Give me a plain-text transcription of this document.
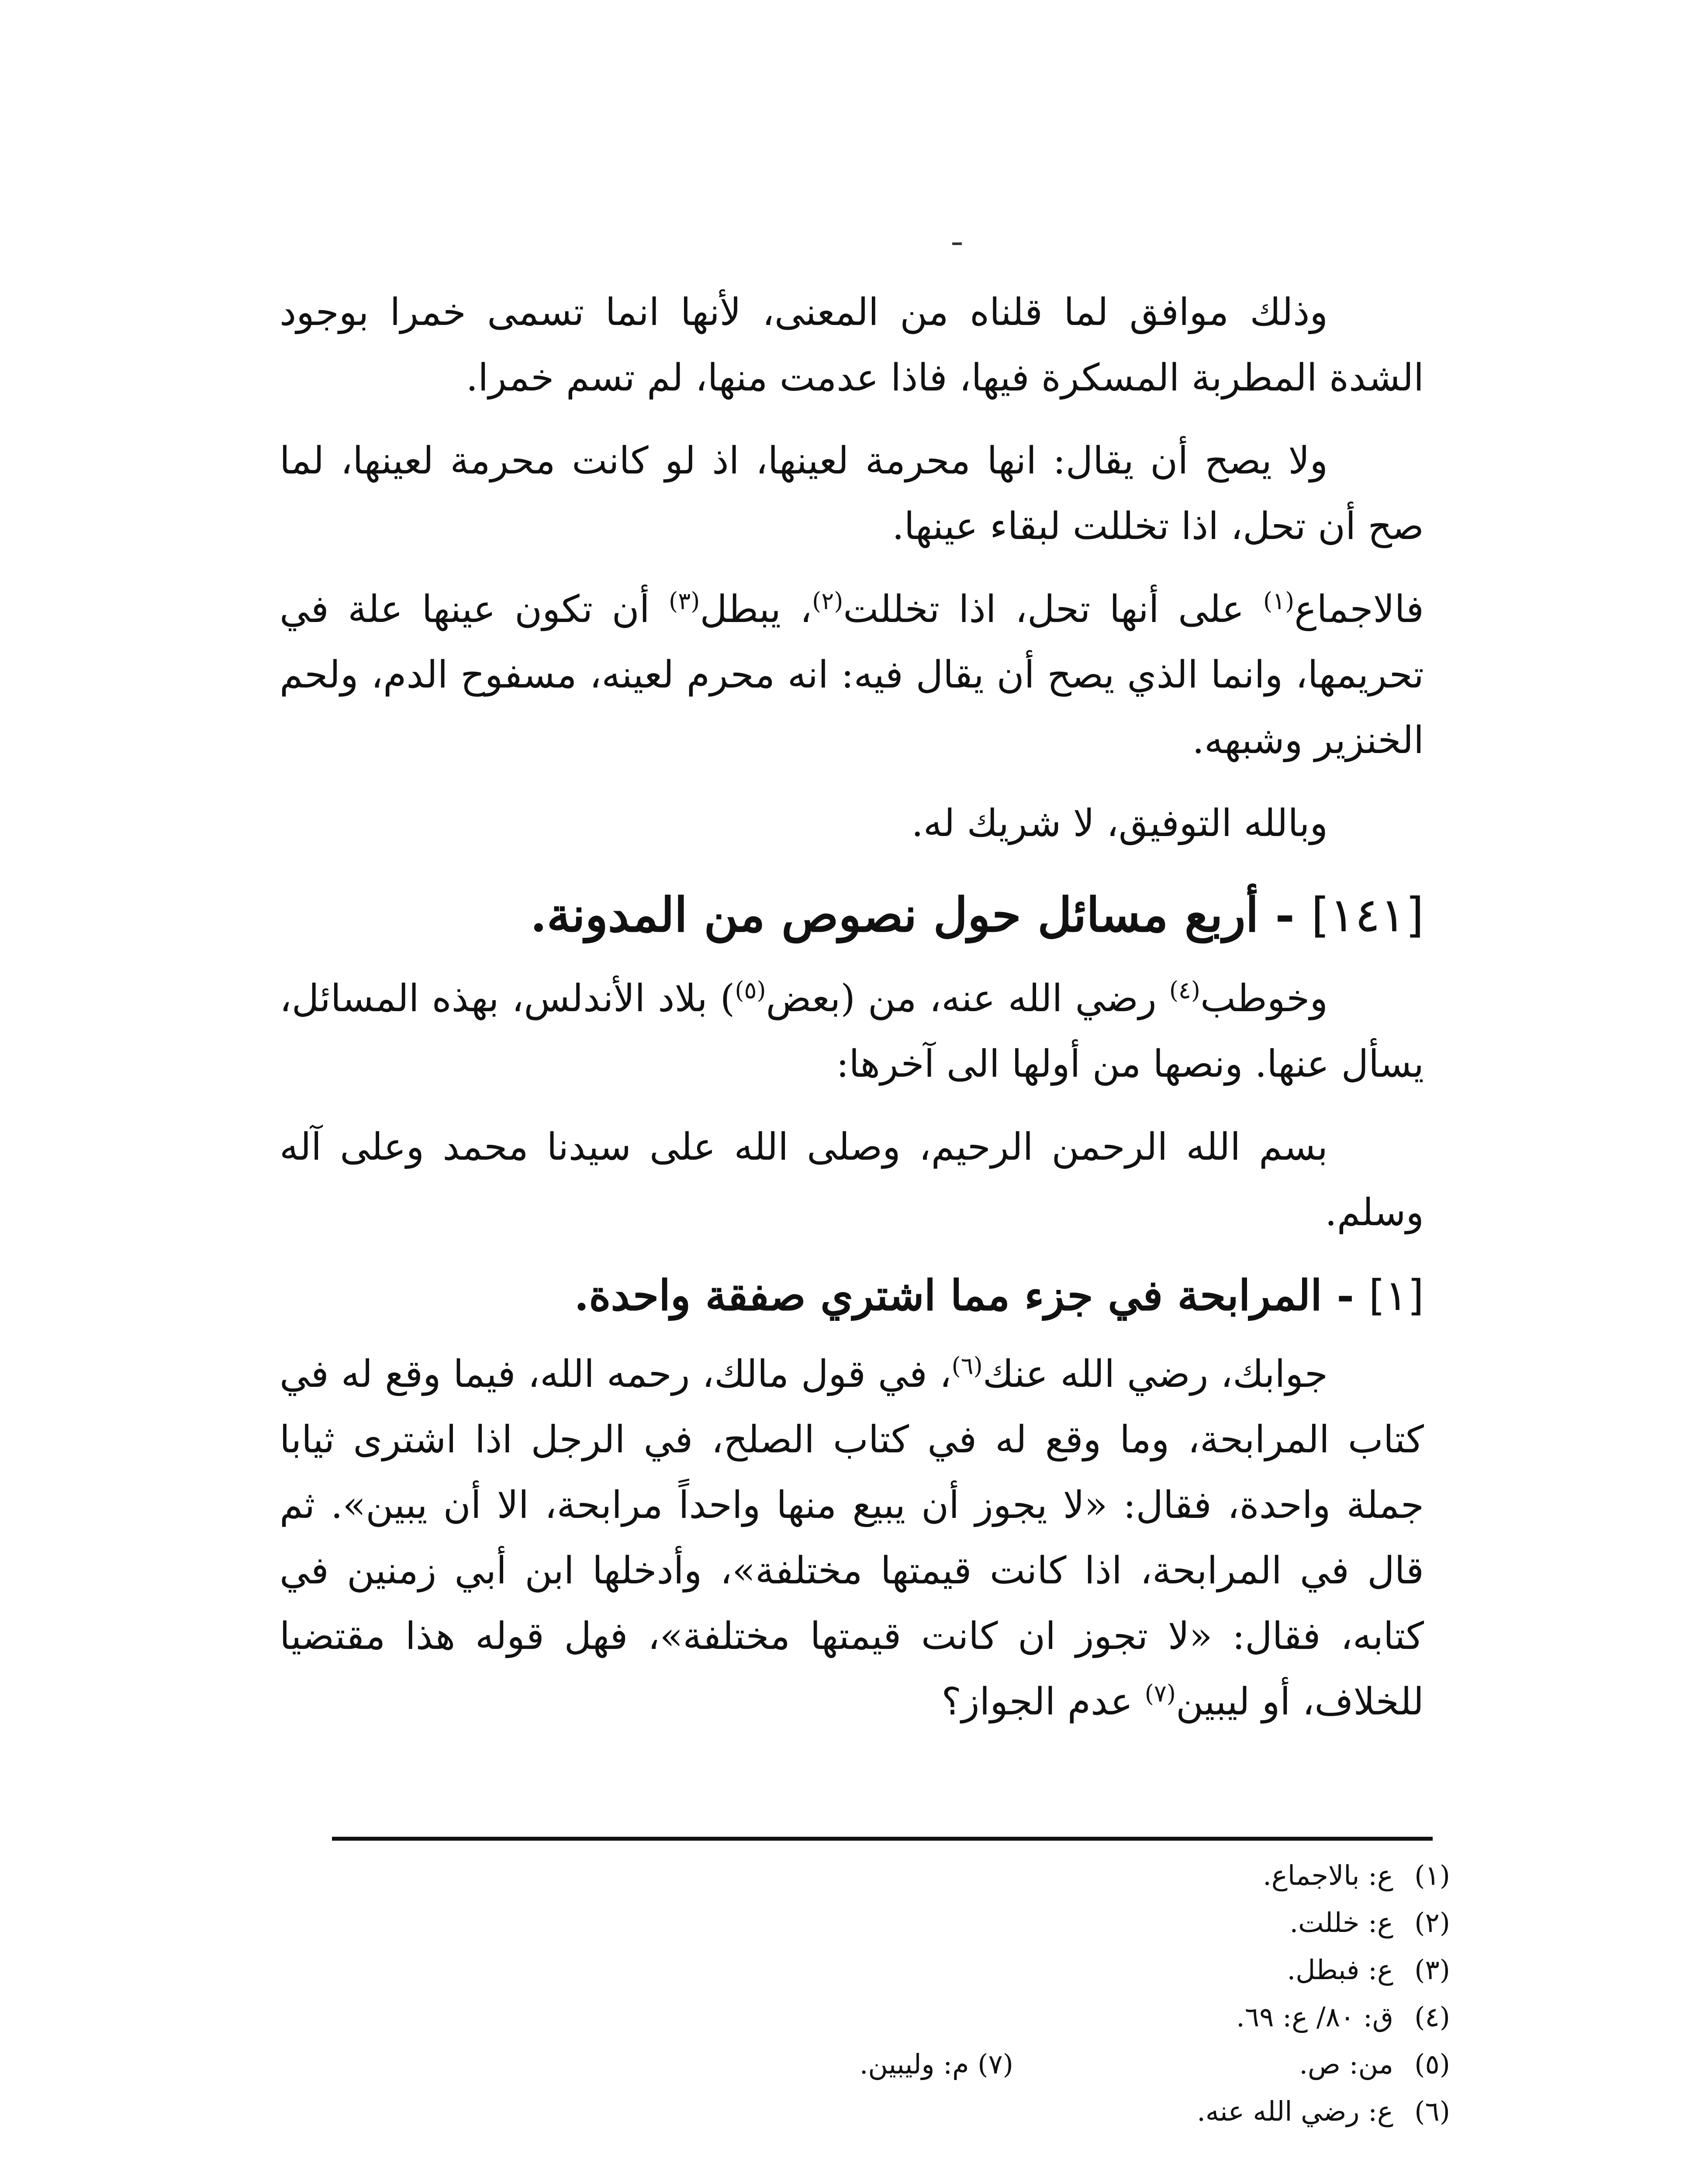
وذلك موافق لما قلناه من المعنى، لأنها انما تسمى خمرا بوجود الشدة المطربة المسكرة فيها، فاذا عدمت منها، لم تسم خمرا.

ولا يصح أن يقال: انها محرمة لعينها، اذ لو كانت محرمة لعينها، لما صح أن تحل، اذا تخللت لبقاء عينها.

فالاجماع$^{(١)}$ على أنها تحل، اذا تخللت$^{(٢)}$، يبطل$^{(٣)}$ أن تكون عينها علة في تحريمها، وانما الذي يصح أن يقال فيه: انه محرم لعينه، مسفوح الدم، ولحم الخنزير وشبهه.

وبالله التوفيق، لا شريك له.

[١٤١] - أربع مسائل حول نصوص من المدونة.

وخوطب$^{(٤)}$ رضي الله عنه، من (بعض$^{(٥)}$) بلاد الأندلس، بهذه المسائل، يسأل عنها. ونصها من أولها الى آخرها:

بسم الله الرحمن الرحيم، وصلى الله على سيدنا محمد وعلى آله وسلم.

[١] - المرابحة في جزء مما اشتري صفقة واحدة.

جوابك، رضي الله عنك$^{(٦)}$، في قول مالك، رحمه الله، فيما وقع له في كتاب المرابحة، وما وقع له في كتاب الصلح، في الرجل اذا اشترى ثيابا جملة واحدة، فقال: «لا يجوز أن يبيع منها واحداً مرابحة، الا أن يبين». ثم قال في المرابحة، اذا كانت قيمتها مختلفة»، وأدخلها ابن أبي زمنين في كتابه، فقال: «لا تجوز ان كانت قيمتها مختلفة»، فهل قوله هذا مقتضيا للخلاف، أو ليبين$^{(٧)}$ عدم الجواز؟

(١)
ع: بالاجماع.
(٢)
ع: خللت.
(٣)
ع: فبطل.
(٤)
ق: ٨٠/ ع: ٦٩.
(٥)
من: ص.
(٦)
ع: رضي الله عنه.
(٧) م: وليبين.
